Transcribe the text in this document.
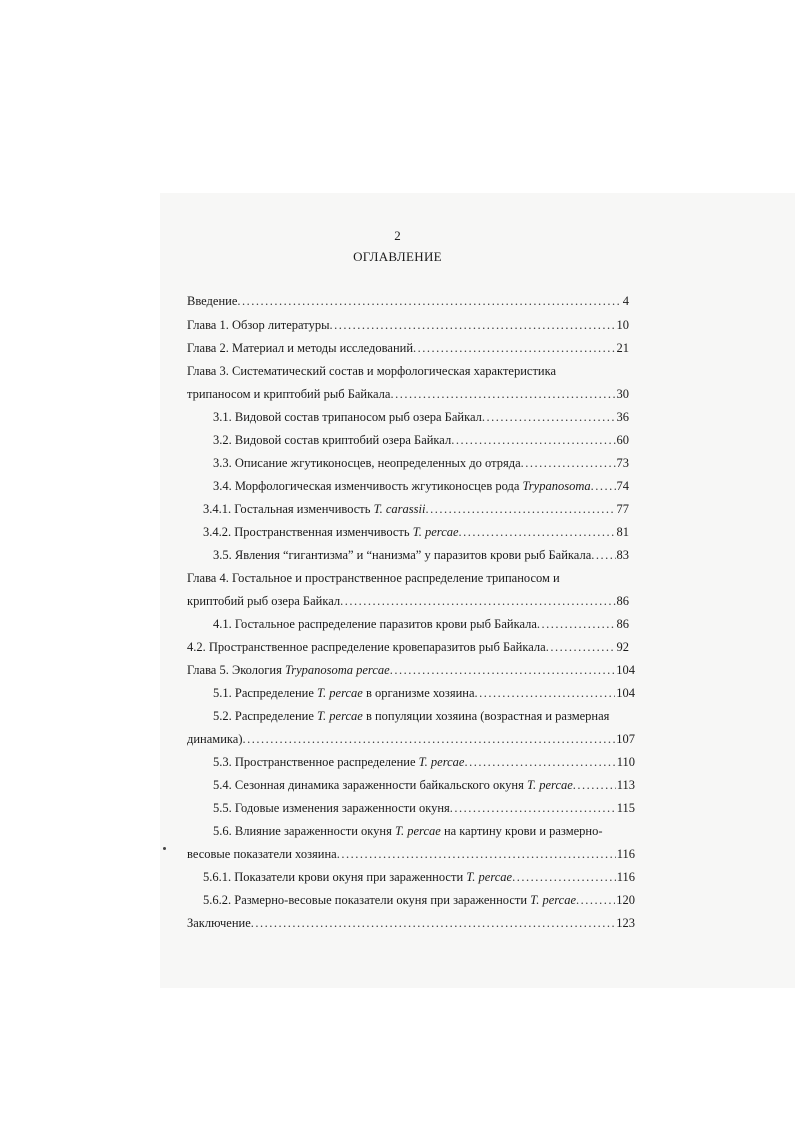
2
ОГЛАВЛЕНИЕ
Введение .....	4
Глава 1. Обзор литературы .....	10
Глава 2. Материал и методы исследований .....	21
Глава 3. Систематический состав и морфологическая характеристика
трипаносом и криптобий рыб Байкала .....	30
3.1. Видовой состав трипаносом рыб озера Байкал .....	36
3.2. Видовой состав криптобий озера Байкал .....	60
3.3. Описание жгутиконосцев, неопределенных до отряда .....	73
3.4. Морфологическая изменчивость жгутиконосцев рода Trypanosoma ..... 74
3.4.1. Гостальная изменчивость T. carassii .....	77
3.4.2. Пространственная изменчивость T. percae .....	81
3.5. Явления “гигантизма” и “нанизма” у паразитов крови рыб Байкала ..... 83
Глава 4. Гостальное и пространственное распределение трипаносом и
криптобий рыб озера Байкал .....	86
4.1. Гостальное распределение паразитов крови рыб Байкала .....	86
4.2. Пространственное распределение кровепаразитов рыб Байкала .....	92
Глава 5. Экология Trypanosoma percae .....	104
5.1. Распределение T. percae в организме хозяина .....	104
5.2. Распределение T. percae в популяции хозяина (возрастная и размерная
динамика) .....	107
5.3. Пространственное распределение T. percae .....	110
5.4. Сезонная динамика зараженности байкальского окуня T. percae .....	113
5.5. Годовые изменения зараженности окуня .....	115
5.6. Влияние зараженности окуня T. percae на картину крови и размерно-
весовые показатели хозяина .....	116
5.6.1. Показатели крови окуня при зараженности T. percae .....	116
5.6.2. Размерно-весовые показатели окуня при зараженности T. percae .....	120
Заключение .....	123
